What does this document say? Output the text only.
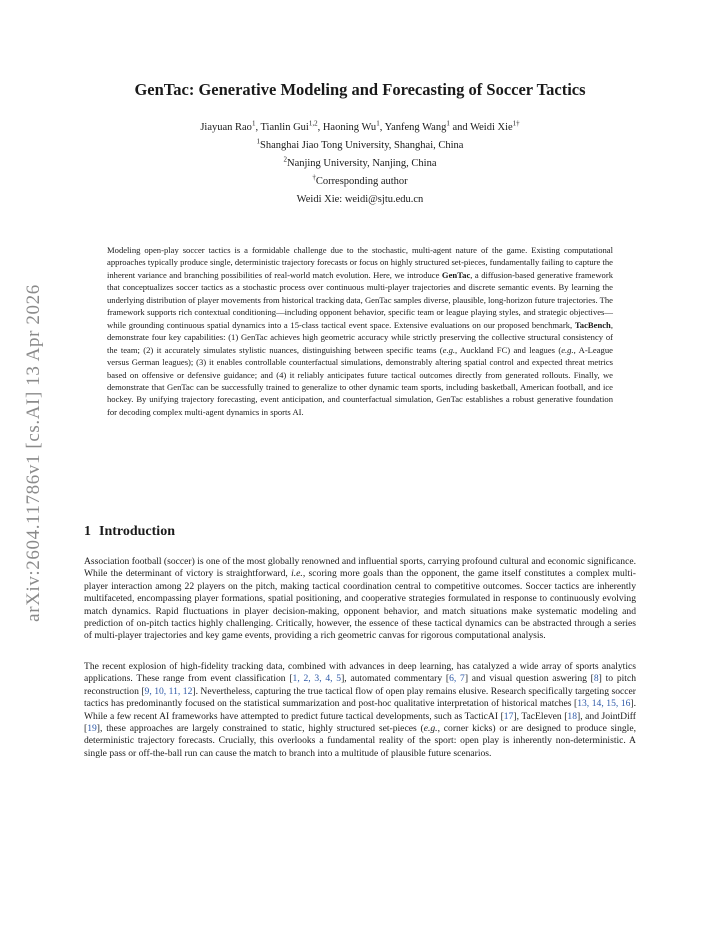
arXiv:2604.11786v1 [cs.AI] 13 Apr 2026
GenTac: Generative Modeling and Forecasting of Soccer Tactics
Jiayuan Rao$^1$, Tianlin Gui$^{1,2}$, Haoning Wu$^1$, Yanfeng Wang$^1$ and Weidi Xie$^{1\dagger}$
$^1$Shanghai Jiao Tong University, Shanghai, China
$^2$Nanjing University, Nanjing, China
†Corresponding author
Weidi Xie: weidi@sjtu.edu.cn

Modeling open-play soccer tactics is a formidable challenge due to the stochastic, multi-agent nature of the game. Existing computational approaches typically produce single, deterministic trajectory forecasts or focus on highly structured set-pieces, fundamentally failing to capture the inherent variance and branching possibilities of real-world match evolution. Here, we introduce GenTac, a diffusion-based generative framework that conceptualizes soccer tactics as a stochastic process over continuous multi-player trajectories and discrete semantic events. By learning the underlying distribution of player movements from historical tracking data, GenTac samples diverse, plausible, long-horizon future trajectories. The framework supports rich contextual conditioning—including opponent behavior, specific team or league playing styles, and strategic objectives—while grounding continuous spatial dynamics into a 15-class tactical event space. Extensive evaluations on our proposed benchmark, TacBench, demonstrate four key capabilities: (1) GenTac achieves high geometric accuracy while strictly preserving the collective structural consistency of the team; (2) it accurately simulates stylistic nuances, distinguishing between specific teams (e.g., Auckland FC) and leagues (e.g., A-League versus German leagues); (3) it enables controllable counterfactual simulations, demonstrably altering spatial control and expected threat metrics based on offensive or defensive guidance; and (4) it reliably anticipates future tactical outcomes directly from generated rollouts. Finally, we demonstrate that GenTac can be successfully trained to generalize to other dynamic team sports, including basketball, American football, and ice hockey. By unifying trajectory forecasting, event anticipation, and counterfactual simulation, GenTac establishes a robust generative foundation for decoding complex multi-agent dynamics in sports AI.

1 Introduction

Association football (soccer) is one of the most globally renowned and influential sports, carrying profound cultural and economic significance. While the determinant of victory is straightforward, i.e., scoring more goals than the opponent, the game itself constitutes a complex multi-player interaction among 22 players on the pitch, making tactical coordination central to competitive outcomes. Soccer tactics are inherently multifaceted, encompassing player formations, spatial positioning, and cooperative strategies formulated in response to continuously evolving match dynamics. Rapid fluctuations in player decision-making, opponent behavior, and match situations make systematic modeling and prediction of on-pitch tactics highly challenging. Critically, however, the essence of these tactical dynamics can be abstracted through a series of multi-player trajectories and key game events, providing a rich geometric canvas for rigorous computational analysis.

The recent explosion of high-fidelity tracking data, combined with advances in deep learning, has catalyzed a wide array of sports analytics applications. These range from event classification [1, 2, 3, 4, 5], automated commentary [6, 7] and visual question aswering [8] to pitch reconstruction [9, 10, 11, 12]. Nevertheless, capturing the true tactical flow of open play remains elusive. Research specifically targeting soccer tactics has predominantly focused on the statistical summarization and post-hoc qualitative interpretation of historical matches [13, 14, 15, 16]. While a few recent AI frameworks have attempted to predict future tactical developments, such as TacticAI [17], TacEleven [18], and JointDiff [19], these approaches are largely constrained to static, highly structured set-pieces (e.g., corner kicks) or are designed to produce single, deterministic trajectory forecasts. Crucially, this overlooks a fundamental reality of the sport: open play is inherently non-deterministic. A single pass or off-the-ball run can cause the match to branch into a multitude of plausible future scenarios.
